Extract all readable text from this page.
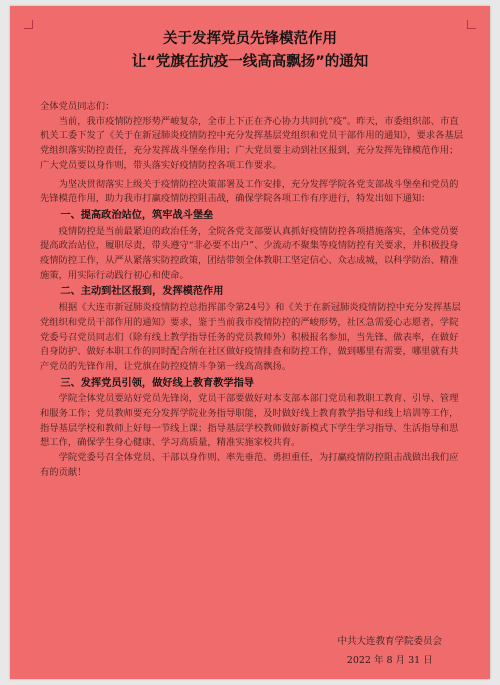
关于发挥党员先锋模范作用
让“党旗在抗疫一线高高飘扬”的通知

全体党员同志们：

当前，我市疫情防控形势严峻复杂，全市上下正在齐心协力共同抗“疫”。昨天，市委组织部、市直机关工委下发了《关于在新冠肺炎疫情防控中充分发挥基层党组织和党员干部作用的通知》，要求各基层党组织落实防控责任，充分发挥战斗堡垒作用；广大党员要主动到社区报到，充分发挥先锋模范作用；广大党员要以身作则，带头落实好疫情防控各项工作要求。

为坚决贯彻落实上级关于疫情防控决策部署及工作安排，充分发挥学院各党支部战斗堡垒和党员的先锋模范作用，助力我市打赢疫情防控阻击战，确保学院各项工作有序进行，特发出如下通知：

一、提高政治站位，筑牢战斗堡垒

疫情防控是当前最紧迫的政治任务，全院各党支部要认真抓好疫情防控各项措施落实，全体党员要提高政治站位，履职尽责，带头遵守“非必要不出户”、少流动不聚集等疫情防控有关要求，并积极投身疫情防控工作，从严从紧落实防控政策，团结带领全体教职工坚定信心、众志成城，以科学防治、精准施策，用实际行动践行初心和使命。

二、主动到社区报到，发挥模范作用

根据《大连市新冠肺炎疫情防控总指挥部令第24号》和《关于在新冠肺炎疫情防控中充分发挥基层党组织和党员干部作用的通知》要求，鉴于当前我市疫情防控的严峻形势，社区急需爱心志愿者，学院党委号召党员同志们（除有线上教学指导任务的党员教师外）积极报名参加，当先锋、做表率，在做好自身防护、做好本职工作的同时配合所在社区做好疫情排查和防控工作，做到哪里有需要，哪里就有共产党员的先锋作用，让党旗在防控疫情斗争第一线高高飘扬。

三、发挥党员引领，做好线上教育教学指导

学院全体党员要站好党员先锋岗，党员干部要做好对本支部本部门党员和教职工教育、引导、管理和服务工作；党员教师要充分发挥学院业务指导职能，及时做好线上教育教学指导和线上培训等工作，指导基层学校和教师上好每一节线上课；指导基层学校教师做好新模式下学生学习指导、生活指导和思想工作，确保学生身心健康、学习高质量，精准实施家校共育。

学院党委号召全体党员、干部以身作则、率先垂范、勇担重任，为打赢疫情防控阻击战做出我们应有的贡献！

中共大连教育学院委员会
2022 年 8 月 31 日
